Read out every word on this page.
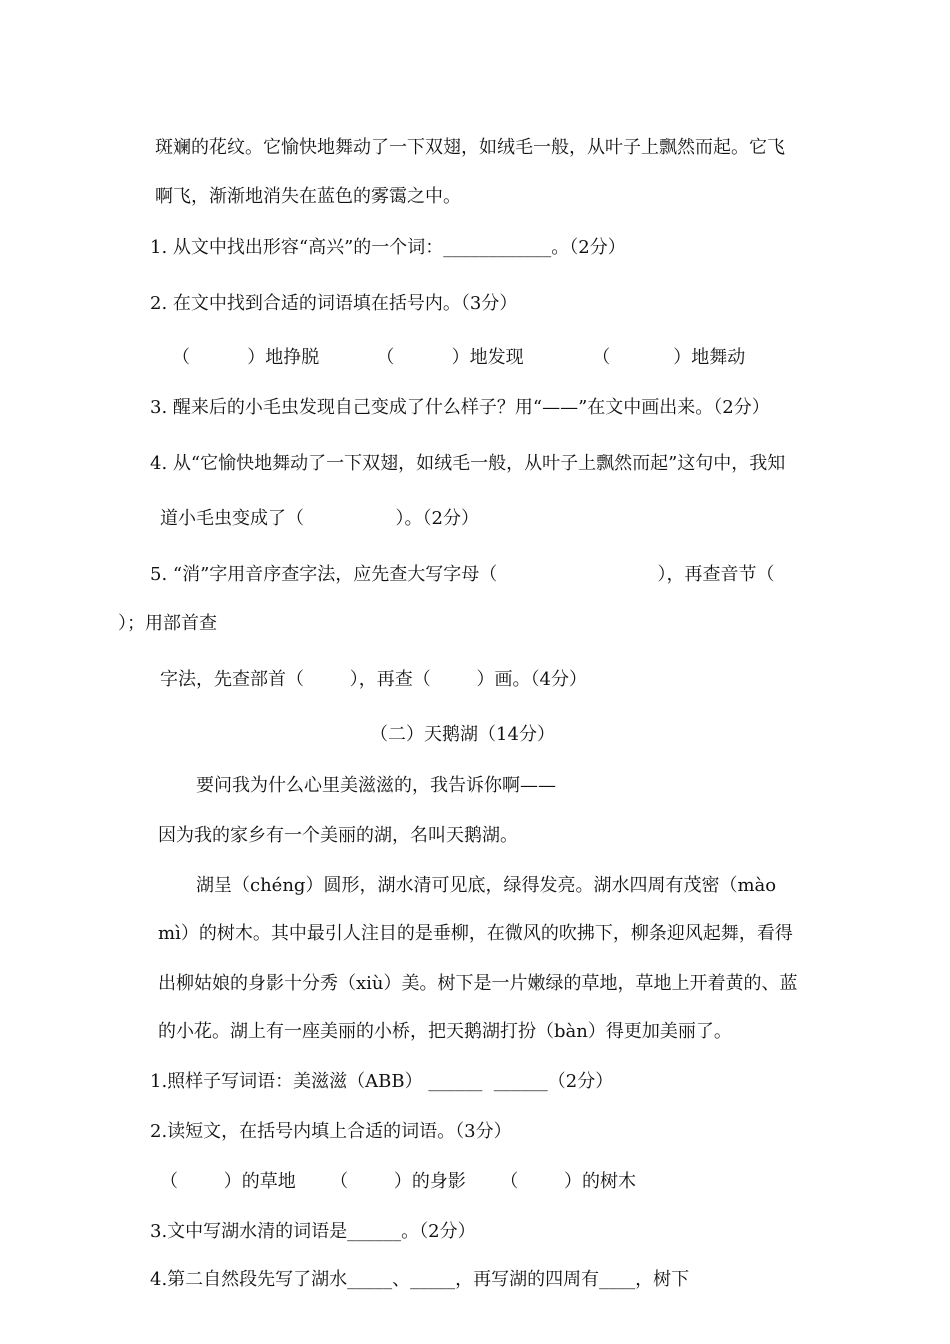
斑斓的花纹。它愉快地舞动了一下双翅，如绒毛一般，从叶子上飘然而起。它飞
啊飞，渐渐地消失在蓝色的雾霭之中。
1. 从文中找出形容“高兴”的一个词：____________。（2分）
2. 在文中找到合适的词语填在括号内。（3分）
（          ）地挣脱          （          ）地发现            （           ）地舞动
3. 醒来后的小毛虫发现自己变成了什么样子？用“——”在文中画出来。（2分）
4. 从“它愉快地舞动了一下双翅，如绒毛一般，从叶子上飘然而起”这句中，我知
道小毛虫变成了（                ）。（2分）
5. “消”字用音序查字法，应先查大写字母（                            ），再查音节（
）；用部首查
字法，先查部首（        ），再查（        ）画。（4分）
（二）天鹅湖（14分）
要问我为什么心里美滋滋的，我告诉你啊——
因为我的家乡有一个美丽的湖，名叫天鹅湖。
湖呈（chéng）圆形，湖水清可见底，绿得发亮。湖水四周有茂密（mào
mì）的树木。其中最引人注目的是垂柳，在微风的吹拂下，柳条迎风起舞，看得
出柳姑娘的身影十分秀（xiù）美。树下是一片嫩绿的草地，草地上开着黄的、蓝
的小花。湖上有一座美丽的小桥，把天鹅湖打扮（bàn）得更加美丽了。
1.照样子写词语：美滋滋（ABB） ______  ______（2分）
2.读短文，在括号内填上合适的词语。（3分）
（        ）的草地      （        ）的身影      （        ）的树木
3.文中写湖水清的词语是______。（2分）
4.第二自然段先写了湖水_____、_____，再写湖的四周有____，树下
